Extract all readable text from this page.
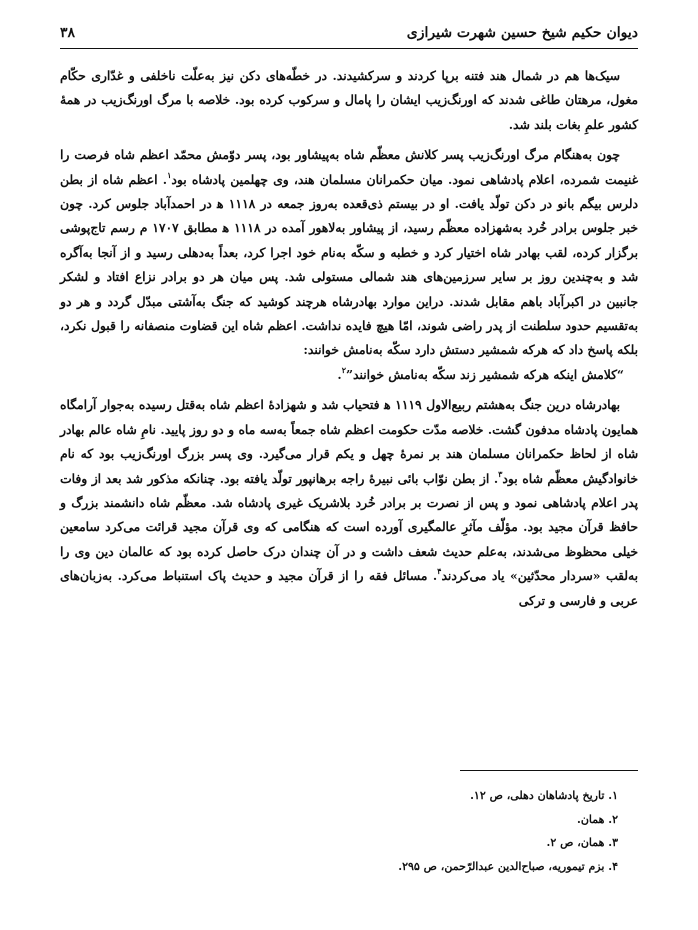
دیوان حکیم شیخ حسین شهرت شیرازی
۳۸

سیک‌ها هم در شمال هند فتنه برپا کردند و سرکشیدند. در خطّه‌های دکن نیز به‌علّت ناخلفی و غدّاری حکّام مغول، مرهتان طاغی شدند که اورنگ‌زیب ایشان را پامال و سرکوب کرده بود. خلاصه با مرگ اورنگ‌زیب در همهٔ کشور علمِ بغات بلند شد.

چون به‌هنگام مرگ اورنگ‌زیب پسر کلانش معظّم شاه به‌پیشاور بود، پسر دوّمش محمّد اعظم شاه فرصت را غنیمت شمرده، اعلام پادشاهی نمود. میان حکمرانان مسلمان هند، وی چهلمین پادشاه بود$^۱$. اعظم شاه از بطن دلرس بیگم بانو در دکن تولّد یافت. او در بیستم ذی‌قعده به‌روز جمعه در ۱۱۱۸ ﻫ در احمدآباد جلوس کرد. چون خبر جلوس برادر خُرد به‌شهزاده معظّم رسید، از پیشاور به‌لاهور آمده در ۱۱۱۸ ﻫ مطابق ۱۷۰۷ م رسم تاج‌پوشی برگزار کرده، لقب بهادر شاه اختیار کرد و خطبه و سکّه به‌نام خود اجرا کرد، بعداً به‌دهلی رسید و از آنجا به‌آگره شد و به‌چندین روز بر سایر سرزمین‌های هند شمالی مستولی شد. پس میان هر دو برادر نزاع افتاد و لشکر جانبین در اکبرآباد باهم مقابل شدند. دراین موارد بهادرشاه هرچند کوشید که جنگ به‌آشتی مبدّل گردد و هر دو به‌تقسیم حدود سلطنت از پدر راضی شوند، امّا هیچ فایده نداشت. اعظم شاه این قضاوت منصفانه را قبول نکرد، بلکه پاسخ داد که هرکه شمشیر دستش دارد سکّه به‌نامش خوانند:

“کلامش اینکه هرکه شمشیر زند سکّه به‌نامش خوانند”$^۲$.

بهادرشاه درین جنگ به‌هشتم ربیع‌الاول ۱۱۱۹ ﻫ فتحیاب شد و شهزادهٔ اعظم شاه به‌قتل رسیده به‌جوار آرامگاه همایون پادشاه مدفون گشت. خلاصه مدّت حکومت اعظم شاه جمعاً به‌سه ماه و دو روز پایید. نامِ شاه عالم بهادر شاه از لحاظ حکمرانان مسلمان هند بر نمرهٔ چهل و یکم قرار می‌گیرد. وی پسر بزرگ اورنگ‌زیب بود که نام خانوادگیش معظّم شاه بود$^۳$. از بطن نوّاب بائی نبیرهٔ راجه برهانپور تولّد یافته بود. چنانکه مذکور شد بعد از وفات پدر اعلام پادشاهی نمود و پس از نصرت بر برادر خُرد بلاشریک غیری پادشاه شد. معظّم شاه دانشمند بزرگ و حافظ قرآن مجید بود. مؤلّف مآثرِ عالمگیری آورده است که هنگامی که وی قرآن مجید قرائت می‌کرد سامعین خیلی محظوظ می‌شدند، به‌علم حدیث شعف داشت و در آن چندان درک حاصل کرده بود که عالمان دین وی را به‌لقب «سردار محدّثین» یاد می‌کردند$^۴$. مسائل فقه را از قرآن مجید و حدیث پاک استنباط می‌کرد. به‌زبان‌های عربی و فارسی و ترکی

۱. تاریخ پادشاهان دهلی، ص ۱۲.

۲. همان.

۳. همان، ص ۲.

۴. بزم تیموریه، صباح‌الدین عبدالرّحمن، ص ۲۹۵.
